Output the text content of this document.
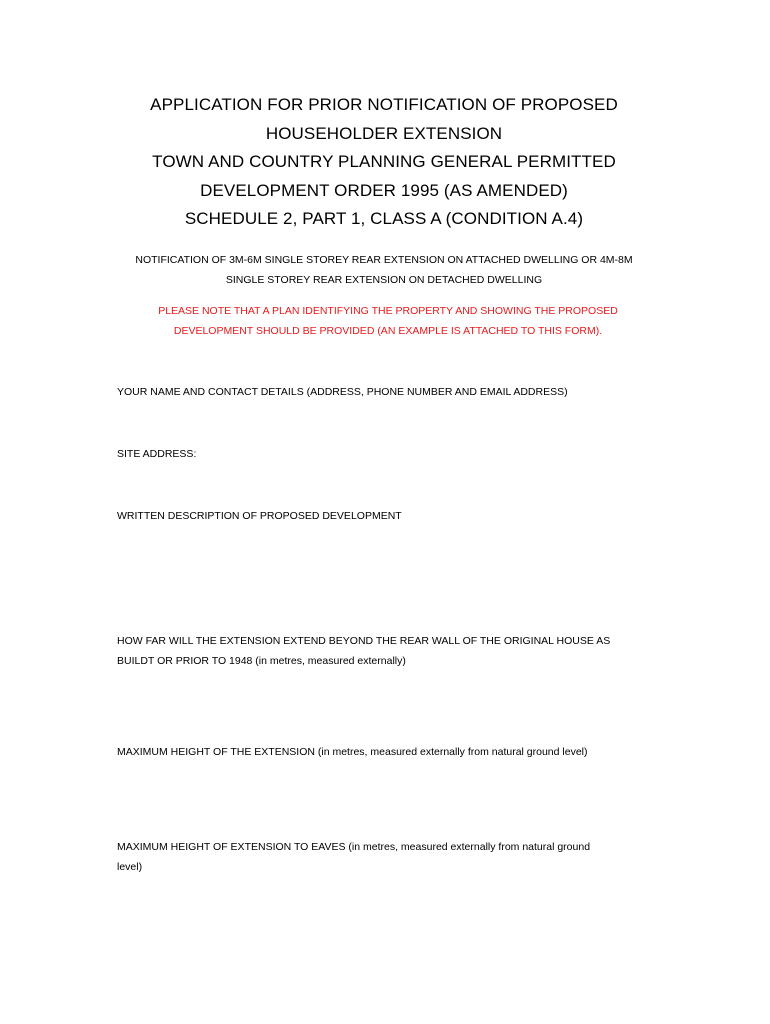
APPLICATION FOR PRIOR NOTIFICATION OF PROPOSED
HOUSEHOLDER EXTENSION
TOWN AND COUNTRY PLANNING GENERAL PERMITTED
DEVELOPMENT ORDER 1995 (AS AMENDED)
SCHEDULE 2, PART 1, CLASS A (CONDITION A.4)
NOTIFICATION OF 3M-6M SINGLE STOREY REAR EXTENSION ON ATTACHED DWELLING OR 4M-8M
SINGLE STOREY REAR EXTENSION ON DETACHED DWELLING
PLEASE NOTE THAT A PLAN IDENTIFYING THE PROPERTY AND SHOWING THE PROPOSED
DEVELOPMENT SHOULD BE PROVIDED (AN EXAMPLE IS ATTACHED TO THIS FORM).
YOUR NAME AND CONTACT DETAILS (ADDRESS, PHONE NUMBER AND EMAIL ADDRESS)
SITE ADDRESS:
WRITTEN DESCRIPTION OF PROPOSED DEVELOPMENT
HOW FAR WILL THE EXTENSION EXTEND BEYOND THE REAR WALL OF THE ORIGINAL HOUSE AS
BUILDT OR PRIOR TO 1948 (in metres, measured externally)
MAXIMUM HEIGHT OF THE EXTENSION (in metres, measured externally from natural ground level)
MAXIMUM HEIGHT OF EXTENSION TO EAVES (in metres, measured externally from natural ground
level)
